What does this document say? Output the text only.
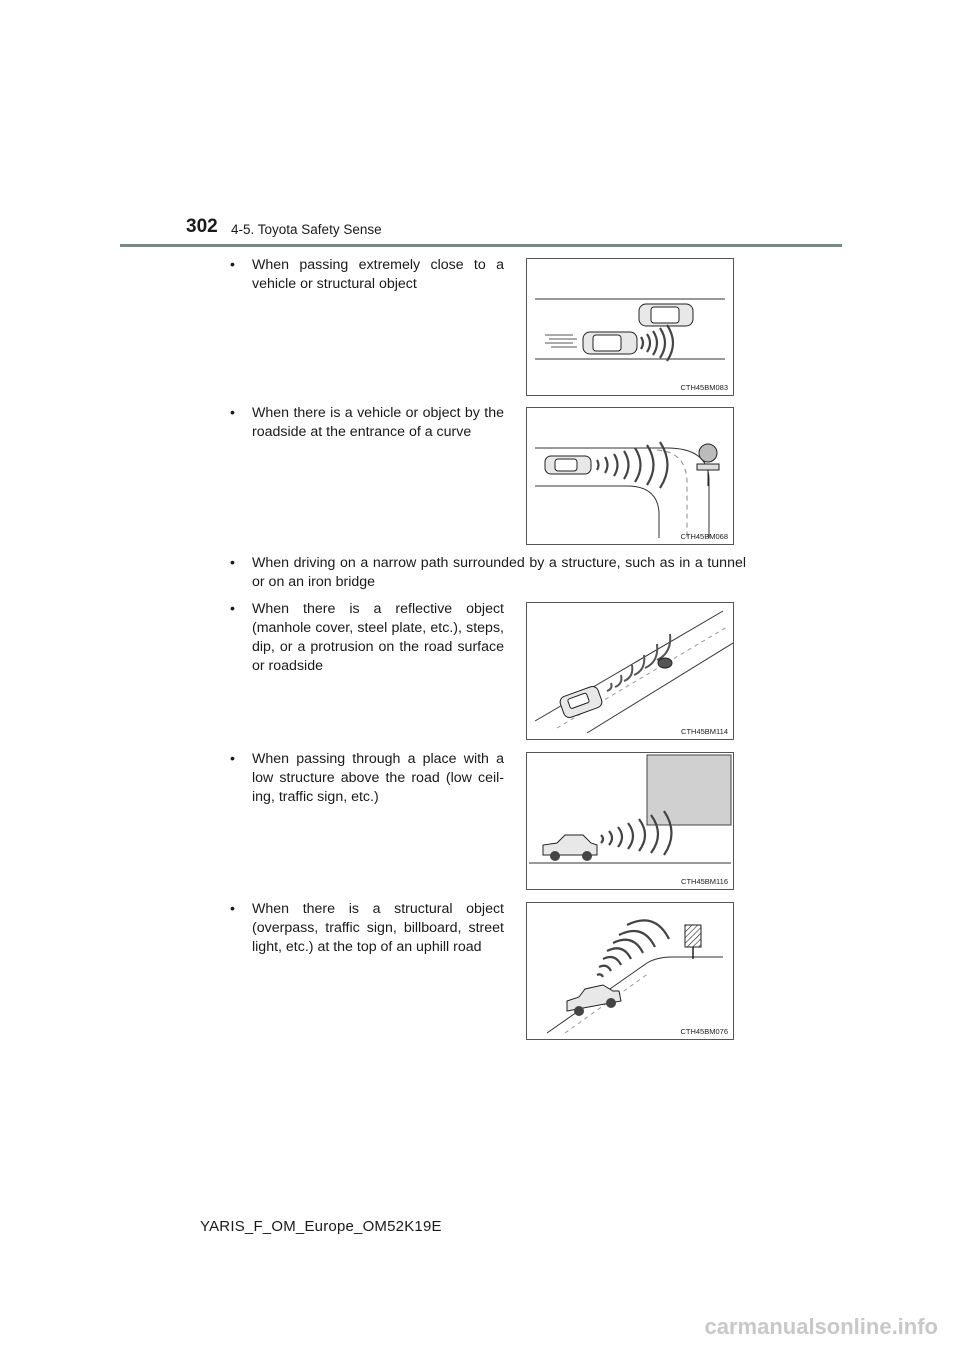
302 4-5. Toyota Safety Sense
•	When passing extremely close to a vehicle or structural object
CTH45BM083
•	When there is a vehicle or object by the roadside at the entrance of a curve
CTH45BM068
•	When driving on a narrow path surrounded by a structure, such as in a tunnel or on an iron bridge
•	When there is a reflective object (manhole cover, steel plate, etc.), steps, dip, or a protrusion on the road surface or roadside
CTH45BM114
•	When passing through a place with a low structure above the road (low ceil-ing, traffic sign, etc.)
CTH45BM116
•	When there is a structural object (overpass, traffic sign, billboard, street light, etc.) at the top of an uphill road
CTH45BM076
YARIS_F_OM_Europe_OM52K19E
carmanualsonline.info
